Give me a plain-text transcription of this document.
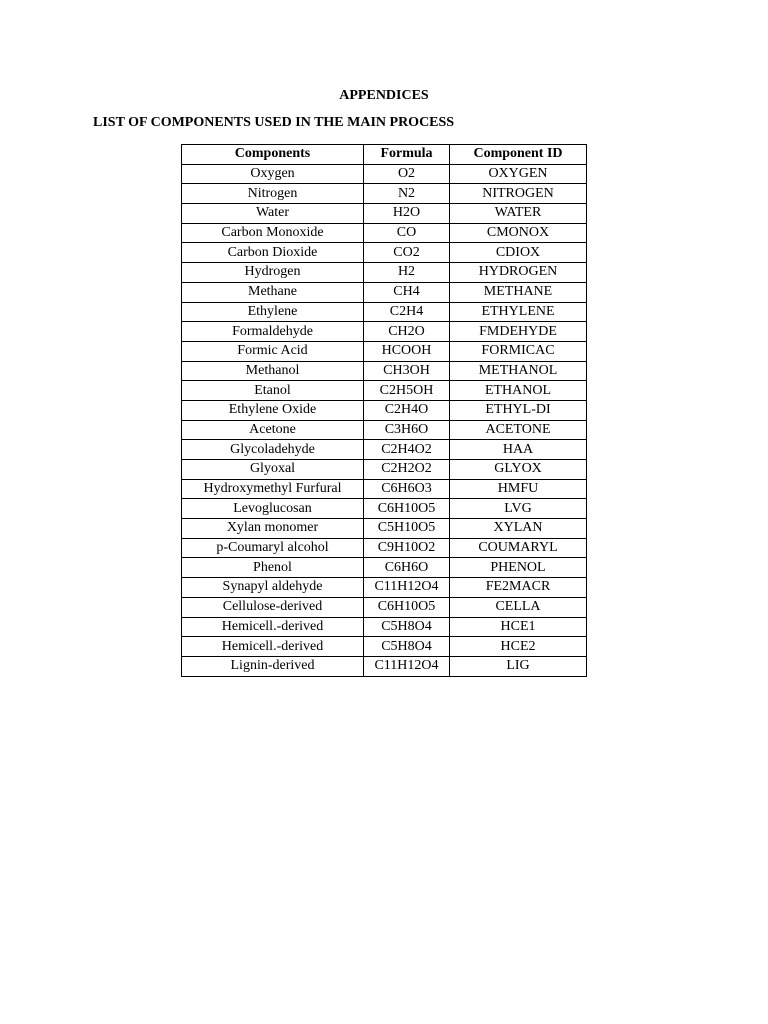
APPENDICES
LIST OF COMPONENTS USED IN THE MAIN PROCESS
Components	Formula	Component ID
Oxygen	O2	OXYGEN
Nitrogen	N2	NITROGEN
Water	H2O	WATER
Carbon Monoxide	CO	CMONOX
Carbon Dioxide	CO2	CDIOX
Hydrogen	H2	HYDROGEN
Methane	CH4	METHANE
Ethylene	C2H4	ETHYLENE
Formaldehyde	CH2O	FMDEHYDE
Formic Acid	HCOOH	FORMICAC
Methanol	CH3OH	METHANOL
Etanol	C2H5OH	ETHANOL
Ethylene Oxide	C2H4O	ETHYL-DI
Acetone	C3H6O	ACETONE
Glycoladehyde	C2H4O2	HAA
Glyoxal	C2H2O2	GLYOX
Hydroxymethyl Furfural	C6H6O3	HMFU
Levoglucosan	C6H10O5	LVG
Xylan monomer	C5H10O5	XYLAN
p-Coumaryl alcohol	C9H10O2	COUMARYL
Phenol	C6H6O	PHENOL
Synapyl aldehyde	C11H12O4	FE2MACR
Cellulose-derived	C6H10O5	CELLA
Hemicell.-derived	C5H8O4	HCE1
Hemicell.-derived	C5H8O4	HCE2
Lignin-derived	C11H12O4	LIG
